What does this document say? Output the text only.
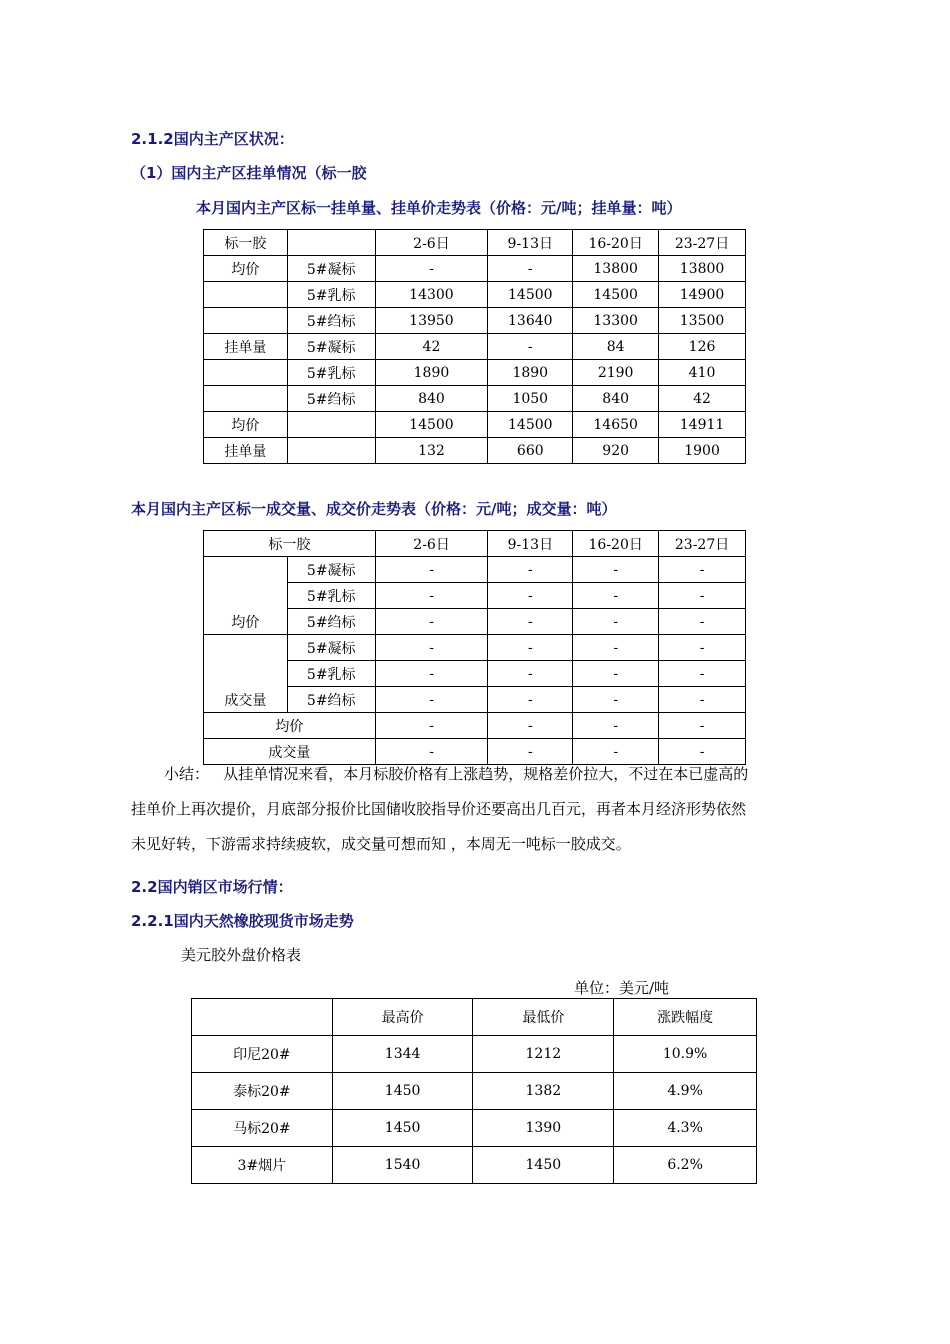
2.1.2国内主产区状况：
（1）国内主产区挂单情况（标一胶
本月国内主产区标一挂单量、挂单价走势表（价格：元/吨；挂单量：吨）
标一胶		2-6日	9-13日	16-20日	23-27日
均价	5#凝标	-	-	13800	13800
	5#乳标	14300	14500	14500	14900
	5#绉标	13950	13640	13300	13500
挂单量	5#凝标	42	-	84	126
	5#乳标	1890	1890	2190	410
	5#绉标	840	1050	840	42
均价		14500	14500	14650	14911
挂单量		132	660	920	1900
本月国内主产区标一成交量、成交价走势表（价格：元/吨；成交量：吨）
标一胶		2-6日	9-13日	16-20日	23-27日
均价	5#凝标	-	-	-	-
	5#乳标	-	-	-	-
	5#绉标	-	-	-	-
成交量	5#凝标	-	-	-	-
	5#乳标	-	-	-	-
	5#绉标	-	-	-	-
均价		-	-	-	-
成交量		-	-	-	-

小结：   从挂单情况来看，本月标胶价格有上涨趋势，规格差价拉大，不过在本已虚高的

挂单价上再次提价，月底部分报价比国储收胶指导价还要高出几百元，再者本月经济形势依然

未见好转，下游需求持续疲软，成交量可想而知 ，本周无一吨标一胶成交。

2.2国内销区市场行情：
2.2.1国内天然橡胶现货市场走势
美元胶外盘价格表
单位：美元/吨
	最高价	最低价	涨跌幅度
印尼20#	1344	1212	10.9%
泰标20#	1450	1382	4.9%
马标20#	1450	1390	4.3%
3#烟片	1540	1450	6.2%
